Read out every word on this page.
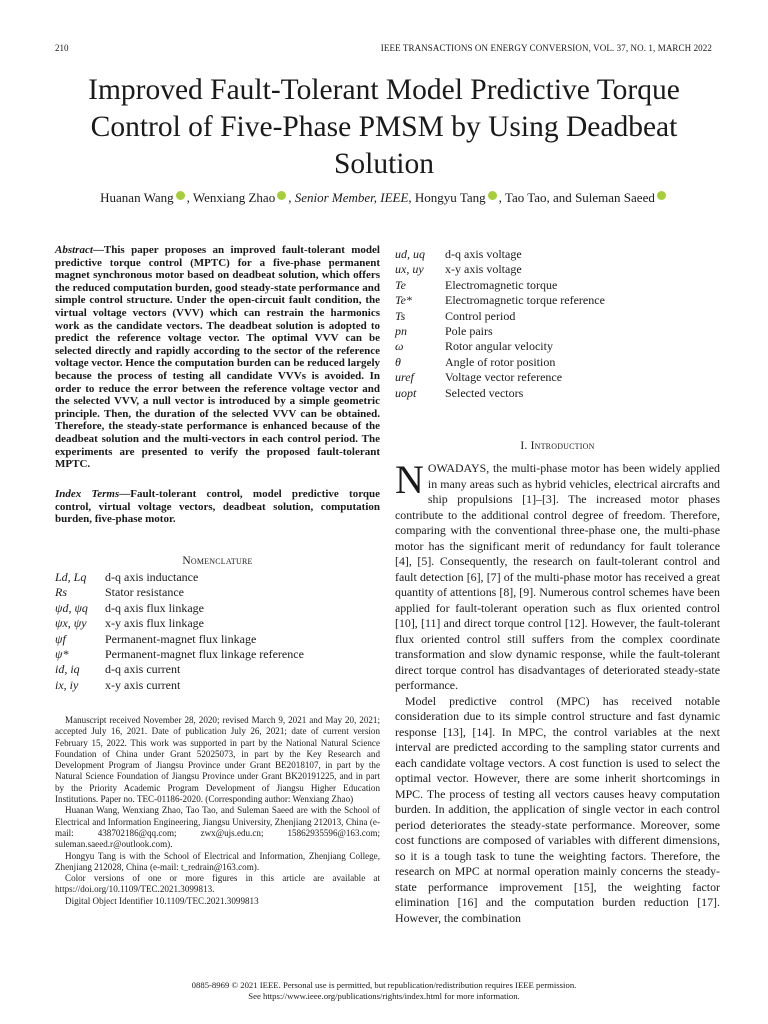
210	IEEE TRANSACTIONS ON ENERGY CONVERSION, VOL. 37, NO. 1, MARCH 2022
Improved Fault-Tolerant Model Predictive Torque Control of Five-Phase PMSM by Using Deadbeat Solution
Huanan Wang , Wenxiang Zhao , Senior Member, IEEE, Hongyu Tang , Tao Tao, and Suleman Saeed
Abstract—This paper proposes an improved fault-tolerant model predictive torque control (MPTC) for a five-phase permanent magnet synchronous motor based on deadbeat solution, which offers the reduced computation burden, good steady-state performance and simple control structure. Under the open-circuit fault condition, the virtual voltage vectors (VVV) which can restrain the harmonics work as the candidate vectors. The deadbeat solution is adopted to predict the reference voltage vector. The optimal VVV can be selected directly and rapidly according to the sector of the reference voltage vector. Hence the computation burden can be reduced largely because the process of testing all candidate VVVs is avoided. In order to reduce the error between the reference voltage vector and the selected VVV, a null vector is introduced by a simple geometric principle. Then, the duration of the selected VVV can be obtained. Therefore, the steady-state performance is enhanced because of the deadbeat solution and the multi-vectors in each control period. The experiments are presented to verify the proposed fault-tolerant MPTC.
Index Terms—Fault-tolerant control, model predictive torque control, virtual voltage vectors, deadbeat solution, computation burden, five-phase motor.
Nomenclature
Ld, Lq	d-q axis inductance
Rs	Stator resistance
ψd, ψq	d-q axis flux linkage
ψx, ψy	x-y axis flux linkage
ψf	Permanent-magnet flux linkage
ψ*	Permanent-magnet flux linkage reference
id, iq	d-q axis current
ix, iy	x-y axis current

Manuscript received November 28, 2020; revised March 9, 2021 and May 20, 2021; accepted July 16, 2021. Date of publication July 26, 2021; date of current version February 15, 2022. This work was supported in part by the National Natural Science Foundation of China under Grant 52025073, in part by the Key Research and Development Program of Jiangsu Province under Grant BE2018107, in part by the Natural Science Foundation of Jiangsu Province under Grant BK20191225, and in part by the Priority Academic Program Development of Jiangsu Higher Education Institutions. Paper no. TEC-01186-2020. (Corresponding author: Wenxiang Zhao)

Huanan Wang, Wenxiang Zhao, Tao Tao, and Suleman Saeed are with the School of Electrical and Information Engineering, Jiangsu University, Zhenjiang 212013, China (e-mail: 438702186@qq.com; zwx@ujs.edu.cn; 15862935596@163.com; suleman.saeed.r@outlook.com).

Hongyu Tang is with the School of Electrical and Information, Zhenjiang College, Zhenjiang 212028, China (e-mail: t_redrain@163.com).

Color versions of one or more figures in this article are available at https://doi.org/10.1109/TEC.2021.3099813.

Digital Object Identifier 10.1109/TEC.2021.3099813

ud, uq	d-q axis voltage
ux, uy	x-y axis voltage
Te	Electromagnetic torque
Te*	Electromagnetic torque reference
Ts	Control period
pn	Pole pairs
ω	Rotor angular velocity
θ	Angle of rotor position
uref	Voltage vector reference
uopt	Selected vectors
I. Introduction

NOWADAYS, the multi-phase motor has been widely applied in many areas such as hybrid vehicles, electrical aircrafts and ship propulsions [1]–[3]. The increased motor phases contribute to the additional control degree of freedom. Therefore, comparing with the conventional three-phase one, the multi-phase motor has the significant merit of redundancy for fault tolerance [4], [5]. Consequently, the research on fault-tolerant control and fault detection [6], [7] of the multi-phase motor has received a great quantity of attentions [8], [9]. Numerous control schemes have been applied for fault-tolerant operation such as flux oriented control [10], [11] and direct torque control [12]. However, the fault-tolerant flux oriented control still suffers from the complex coordinate transformation and slow dynamic response, while the fault-tolerant direct torque control has disadvantages of deteriorated steady-state performance.

Model predictive control (MPC) has received notable consideration due to its simple control structure and fast dynamic response [13], [14]. In MPC, the control variables at the next interval are predicted according to the sampling stator currents and each candidate voltage vectors. A cost function is used to select the optimal vector. However, there are some inherit shortcomings in MPC. The process of testing all vectors causes heavy computation burden. In addition, the application of single vector in each control period deteriorates the steady-state performance. Moreover, some cost functions are composed of variables with different dimensions, so it is a tough task to tune the weighting factors. Therefore, the research on MPC at normal operation mainly concerns the steady-state performance improvement [15], the weighting factor elimination [16] and the computation burden reduction [17]. However, the combination

0885-8969 © 2021 IEEE. Personal use is permitted, but republication/redistribution requires IEEE permission.
See https://www.ieee.org/publications/rights/index.html for more information.
